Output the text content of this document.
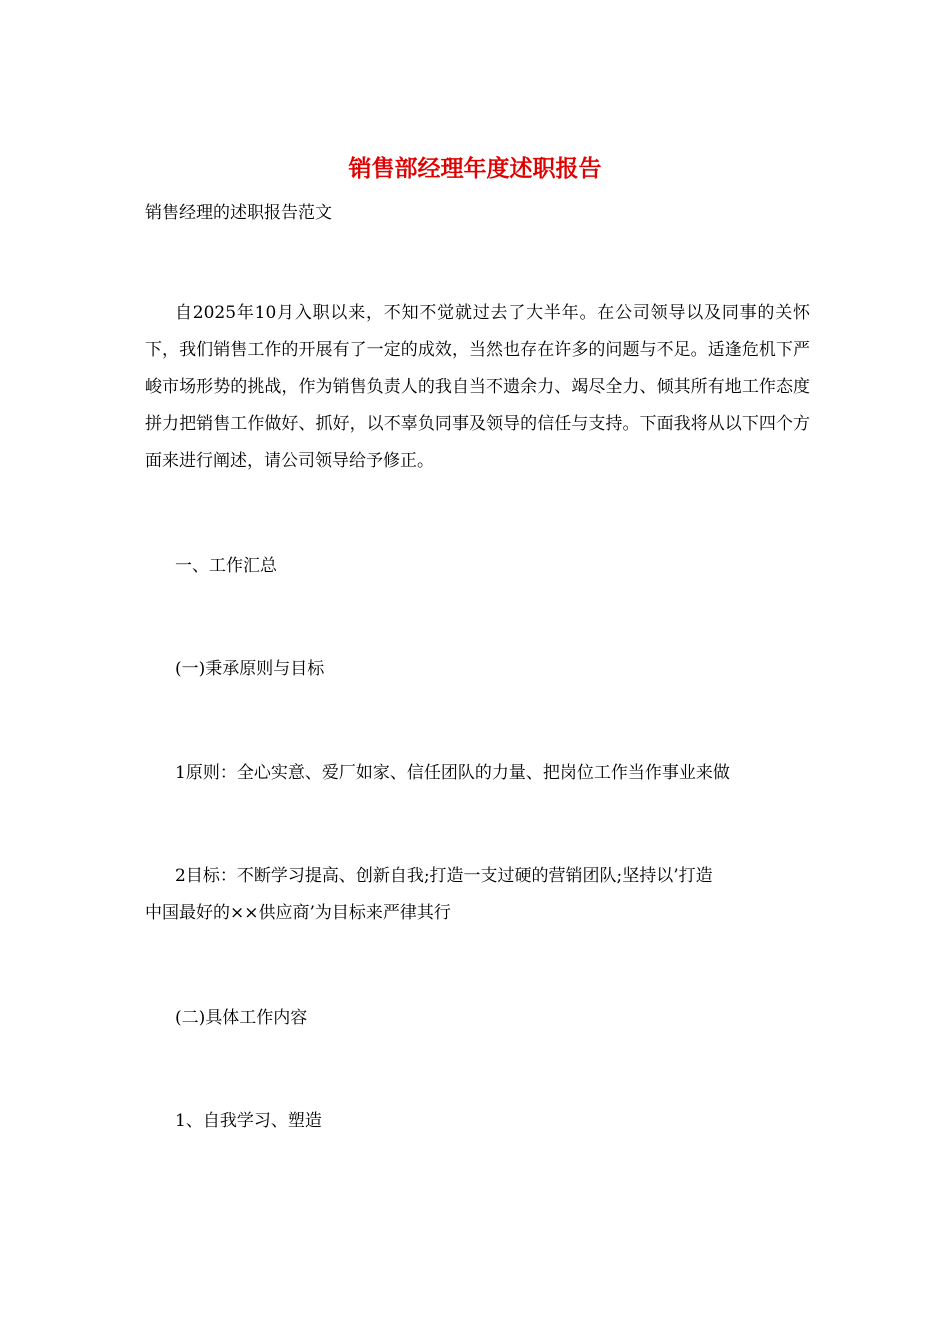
销售部经理年度述职报告
销售经理的述职报告范文

自2025年10月入职以来，不知不觉就过去了大半年。在公司领导以及同事的关怀下，我们销售工作的开展有了一定的成效，当然也存在许多的问题与不足。适逢危机下严峻市场形势的挑战，作为销售负责人的我自当不遗余力、竭尽全力、倾其所有地工作态度拼力把销售工作做好、抓好，以不辜负同事及领导的信任与支持。下面我将从以下四个方面来进行阐述，请公司领导给予修正。

一、工作汇总
(一)秉承原则与目标
1原则：全心实意、爱厂如家、信任团队的力量、把岗位工作当作事业来做
2目标：不断学习提高、创新自我;打造一支过硬的营销团队;坚持以’打造
中国最好的××供应商’为目标来严律其行
(二)具体工作内容
1、自我学习、塑造
